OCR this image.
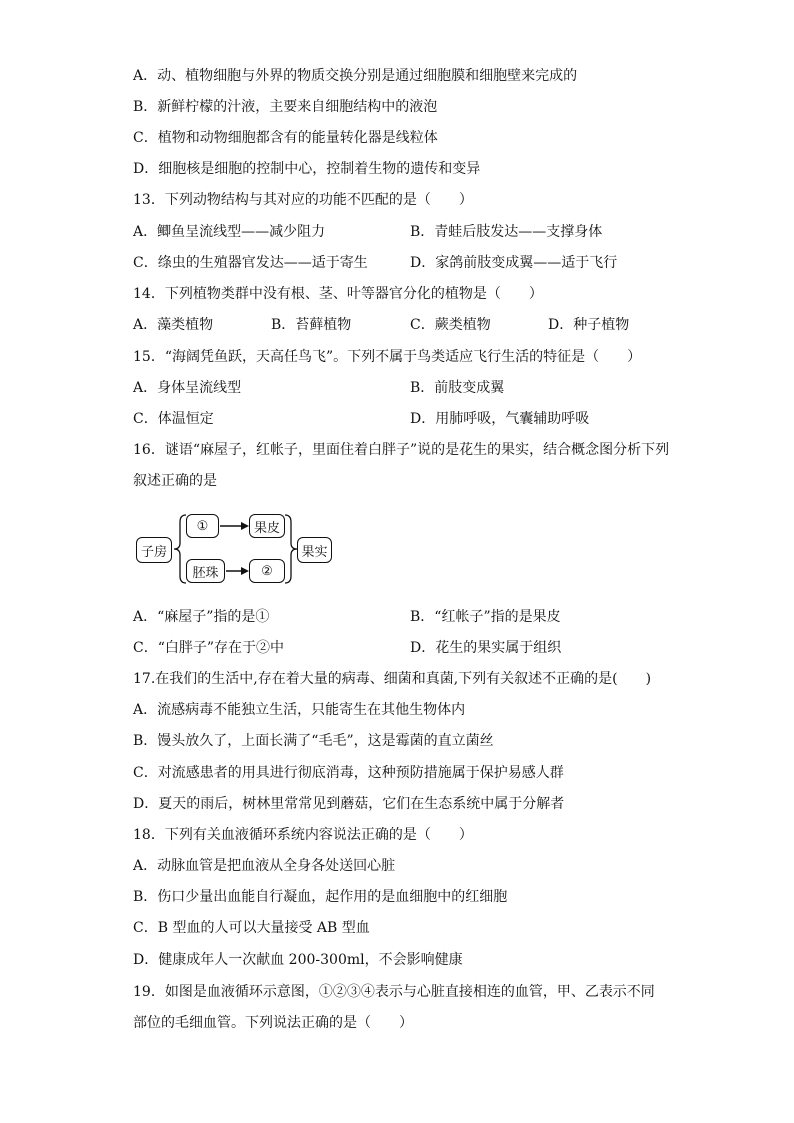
A．动、植物细胞与外界的物质交换分别是通过细胞膜和细胞壁来完成的
B．新鲜柠檬的汁液，主要来自细胞结构中的液泡
C．植物和动物细胞都含有的能量转化器是线粒体
D．细胞核是细胞的控制中心，控制着生物的遗传和变异
13．下列动物结构与其对应的功能不匹配的是（　　）
A．鲫鱼呈流线型——减少阻力	B．青蛙后肢发达——支撑身体
C．绦虫的生殖器官发达——适于寄生	D．家鸽前肢变成翼——适于飞行
14．下列植物类群中没有根、茎、叶等器官分化的植物是（　　）
A．藻类植物	B．苔藓植物	C．蕨类植物	D．种子植物
15．“海阔凭鱼跃，天高任鸟飞”。下列不属于鸟类适应飞行生活的特征是（　　）
A．身体呈流线型	B．前肢变成翼
C．体温恒定	D．用肺呼吸，气囊辅助呼吸
16．谜语“麻屋子，红帐子，里面住着白胖子”说的是花生的果实，结合概念图分析下列
叙述正确的是
子房
①	果皮
胚珠	②
果实
A．“麻屋子”指的是①	B．“红帐子”指的是果皮
C．“白胖子”存在于②中	D．花生的果实属于组织
17.在我们的生活中,存在着大量的病毒、细菌和真菌,下列有关叙述不正确的是(　　)
A．流感病毒不能独立生活，只能寄生在其他生物体内
B．馒头放久了，上面长满了“毛毛”，这是霉菌的直立菌丝
C．对流感患者的用具进行彻底消毒，这种预防措施属于保护易感人群
D．夏天的雨后，树林里常常见到蘑菇，它们在生态系统中属于分解者
18．下列有关血液循环系统内容说法正确的是（　　）
A．动脉血管是把血液从全身各处送回心脏
B．伤口少量出血能自行凝血，起作用的是血细胞中的红细胞
C．B 型血的人可以大量接受 AB 型血
D．健康成年人一次献血 200-300ml，不会影响健康
19．如图是血液循环示意图，①②③④表示与心脏直接相连的血管，甲、乙表示不同
部位的毛细血管。下列说法正确的是（　　）
